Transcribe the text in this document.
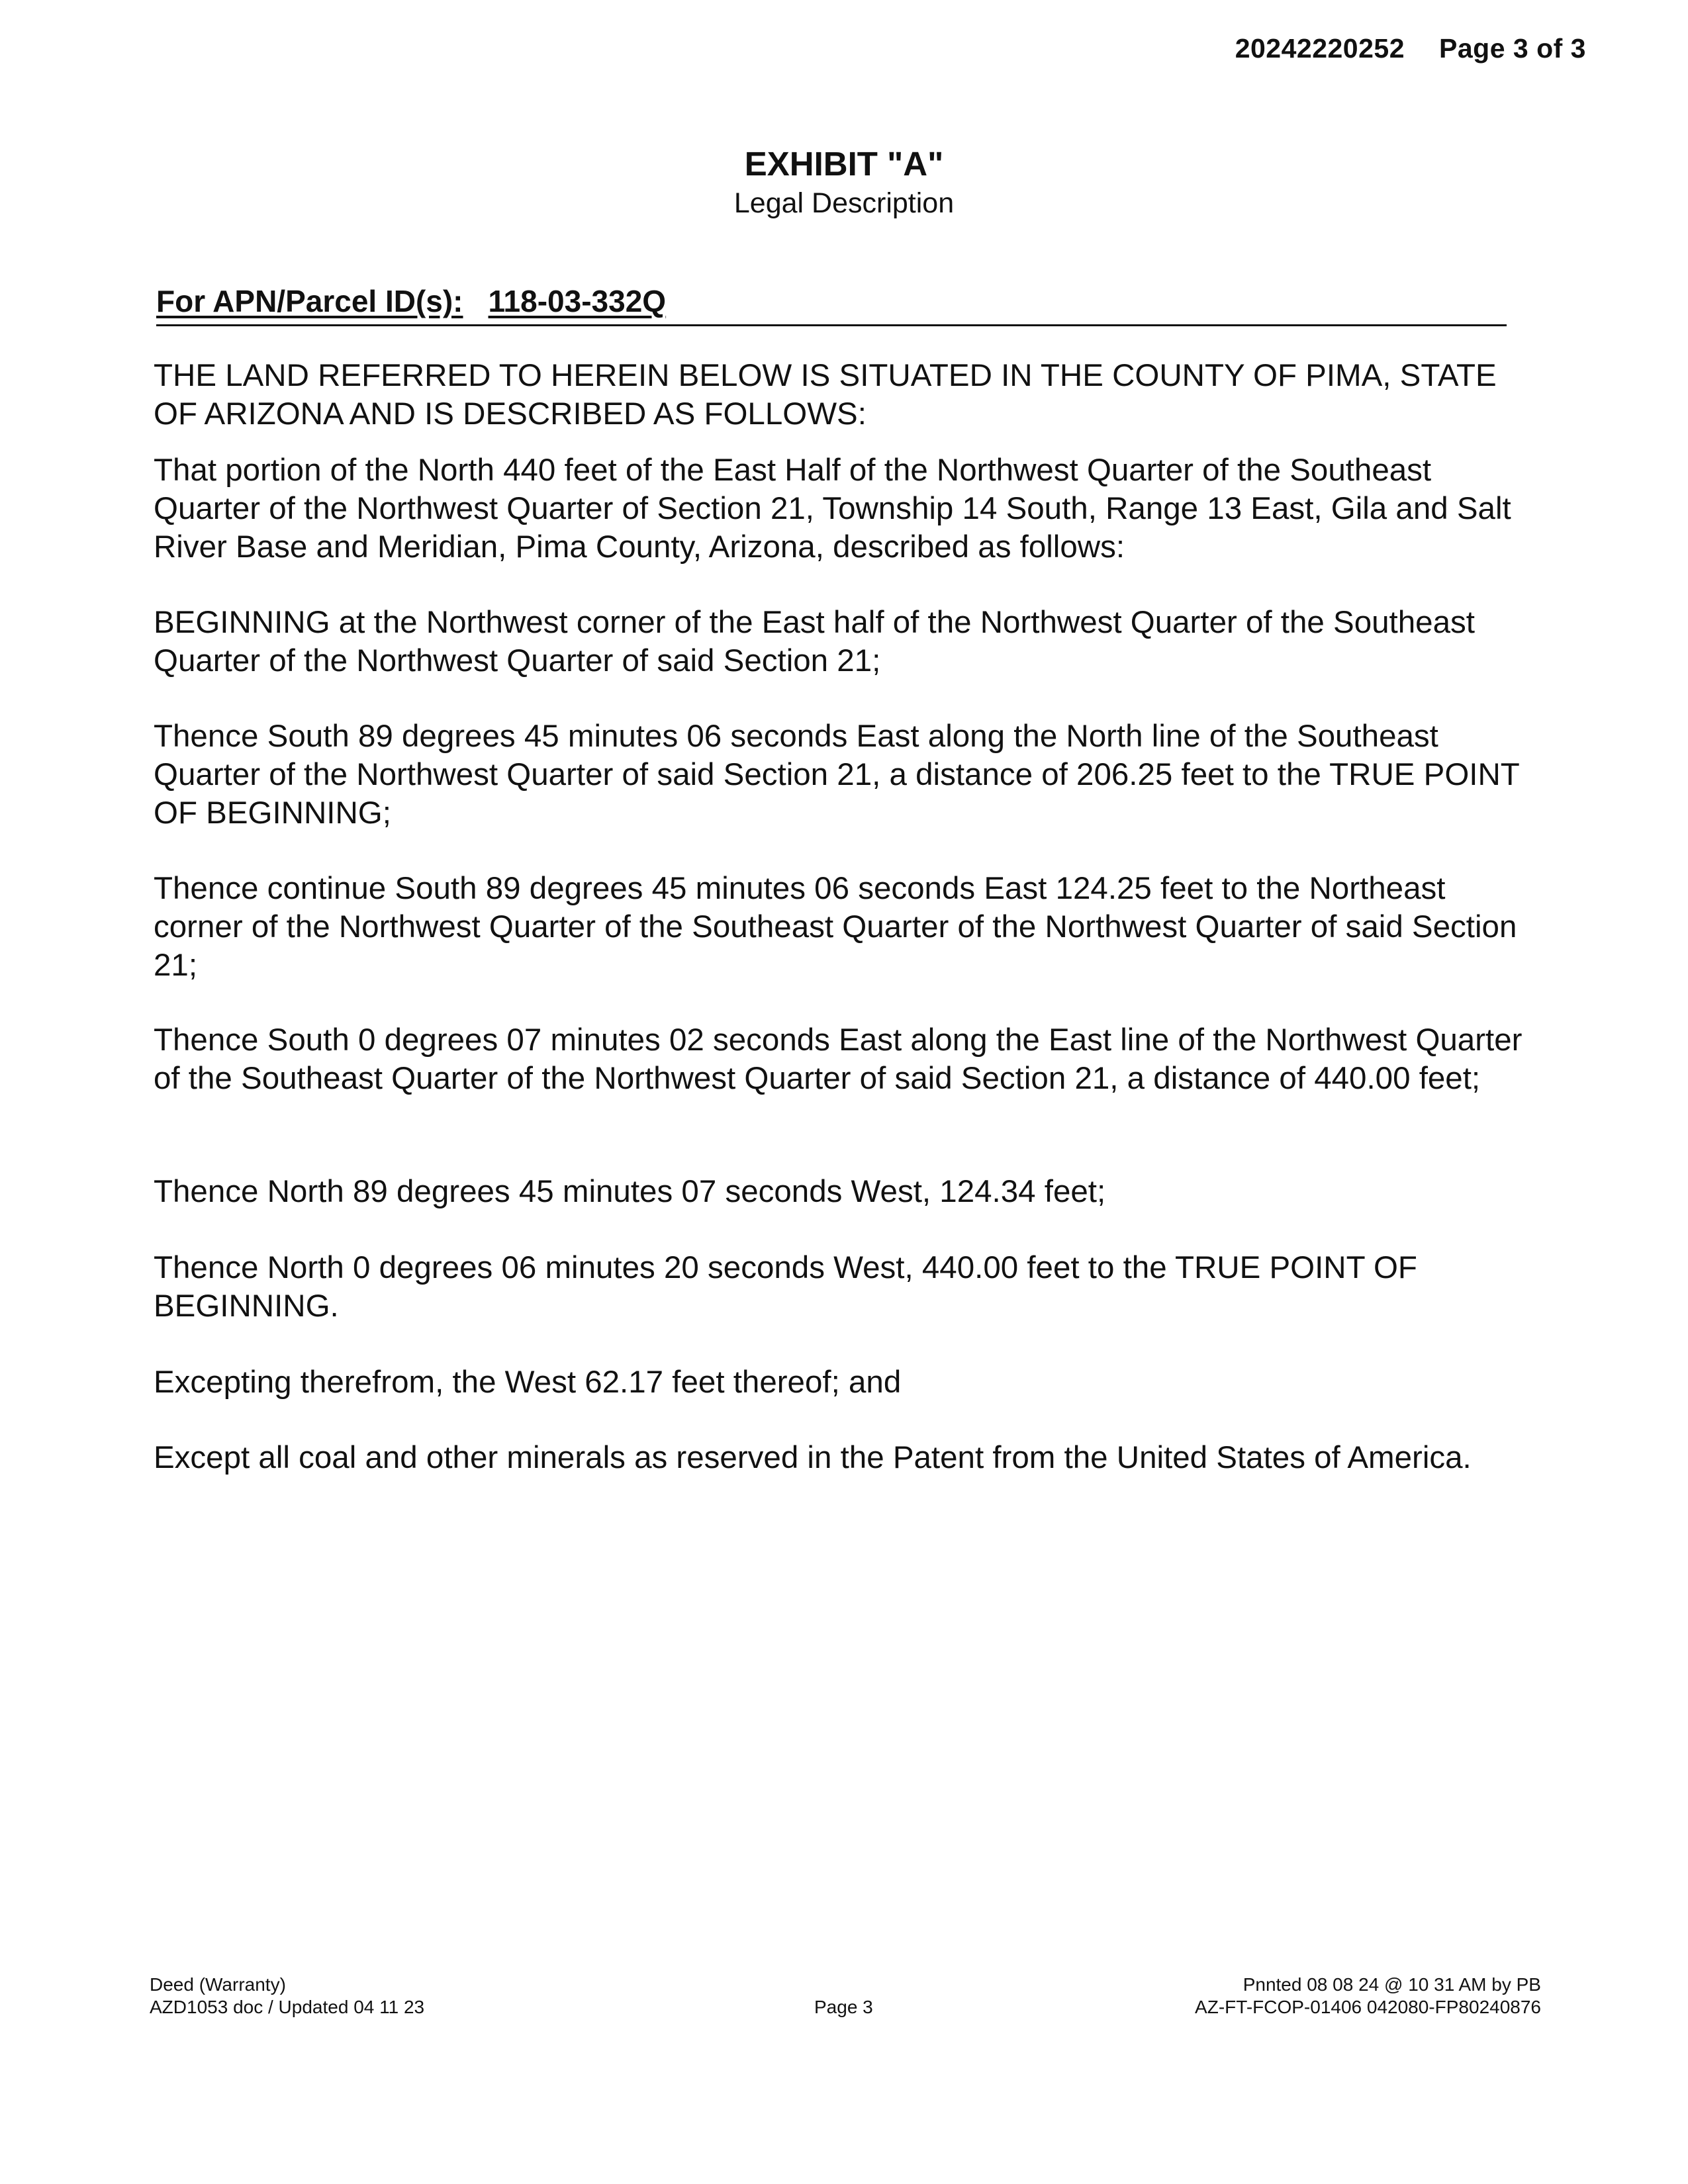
20242220252 Page 3 of 3
EXHIBIT "A"
Legal Description
For APN/Parcel ID(s): 118-03-332Q

THE LAND REFERRED TO HEREIN BELOW IS SITUATED IN THE COUNTY OF PIMA, STATE OF ARIZONA AND IS DESCRIBED AS FOLLOWS:

That portion of the North 440 feet of the East Half of the Northwest Quarter of the Southeast Quarter of the Northwest Quarter of Section 21, Township 14 South, Range 13 East, Gila and Salt River Base and Meridian, Pima County, Arizona, described as follows:

BEGINNING at the Northwest corner of the East half of the Northwest Quarter of the Southeast Quarter of the Northwest Quarter of said Section 21;

Thence South 89 degrees 45 minutes 06 seconds East along the North line of the Southeast Quarter of the Northwest Quarter of said Section 21, a distance of 206.25 feet to the TRUE POINT OF BEGINNING;

Thence continue South 89 degrees 45 minutes 06 seconds East 124.25 feet to the Northeast corner of the Northwest Quarter of the Southeast Quarter of the Northwest Quarter of said Section 21;

Thence South 0 degrees 07 minutes 02 seconds East along the East line of the Northwest Quarter of the Southeast Quarter of the Northwest Quarter of said Section 21, a distance of 440.00 feet;

Thence North 89 degrees 45 minutes 07 seconds West, 124.34 feet;

Thence North 0 degrees 06 minutes 20 seconds West, 440.00 feet to the TRUE POINT OF BEGINNING.

Excepting therefrom, the West 62.17 feet thereof; and

Except all coal and other minerals as reserved in the Patent from the United States of America.

Deed (Warranty)
AZD1053 doc / Updated 04 11 23	Page 3
Pnnted 08 08 24 @ 10 31 AM by PB
AZ-FT-FCOP-01406 042080-FP80240876
